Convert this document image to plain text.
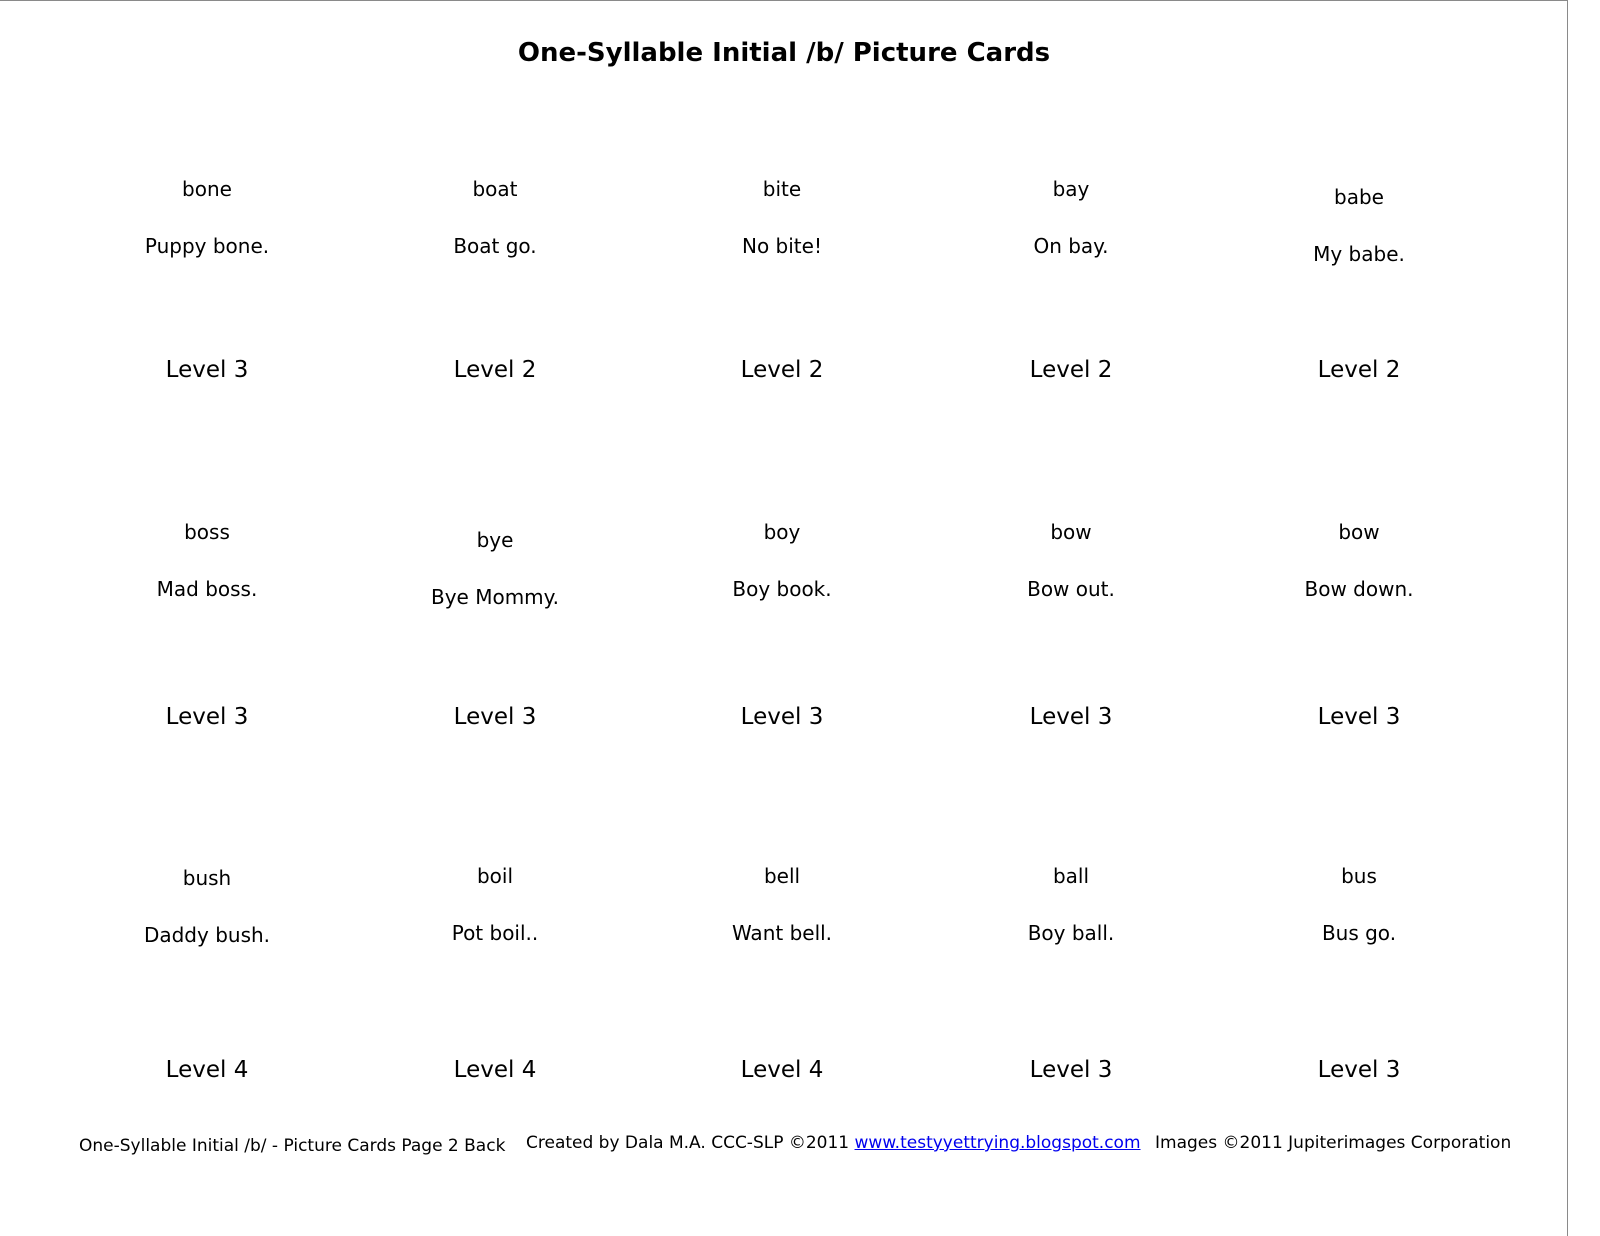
One-Syllable Initial /b/ Picture Cards
bone
Puppy bone.
Level 3
boat
Boat go.
Level 2
bite
No bite!
Level 2
bay
On bay.
Level 2
babe
My babe.
Level 2
boss
Mad boss.
Level 3
bye
Bye Mommy.
Level 3
boy
Boy book.
Level 3
bow
Bow out.
Level 3
bow
Bow down.
Level 3
bush
Daddy bush.
Level 4
boil
Pot boil..
Level 4
bell
Want bell.
Level 4
ball
Boy ball.
Level 3
bus
Bus go.
Level 3
One-Syllable Initial /b/ - Picture Cards Page 2 Back Created by Dala M.A. CCC-SLP ©2011 www.testyyettrying.blogspot.com Images ©2011 Jupiterimages Corporation
